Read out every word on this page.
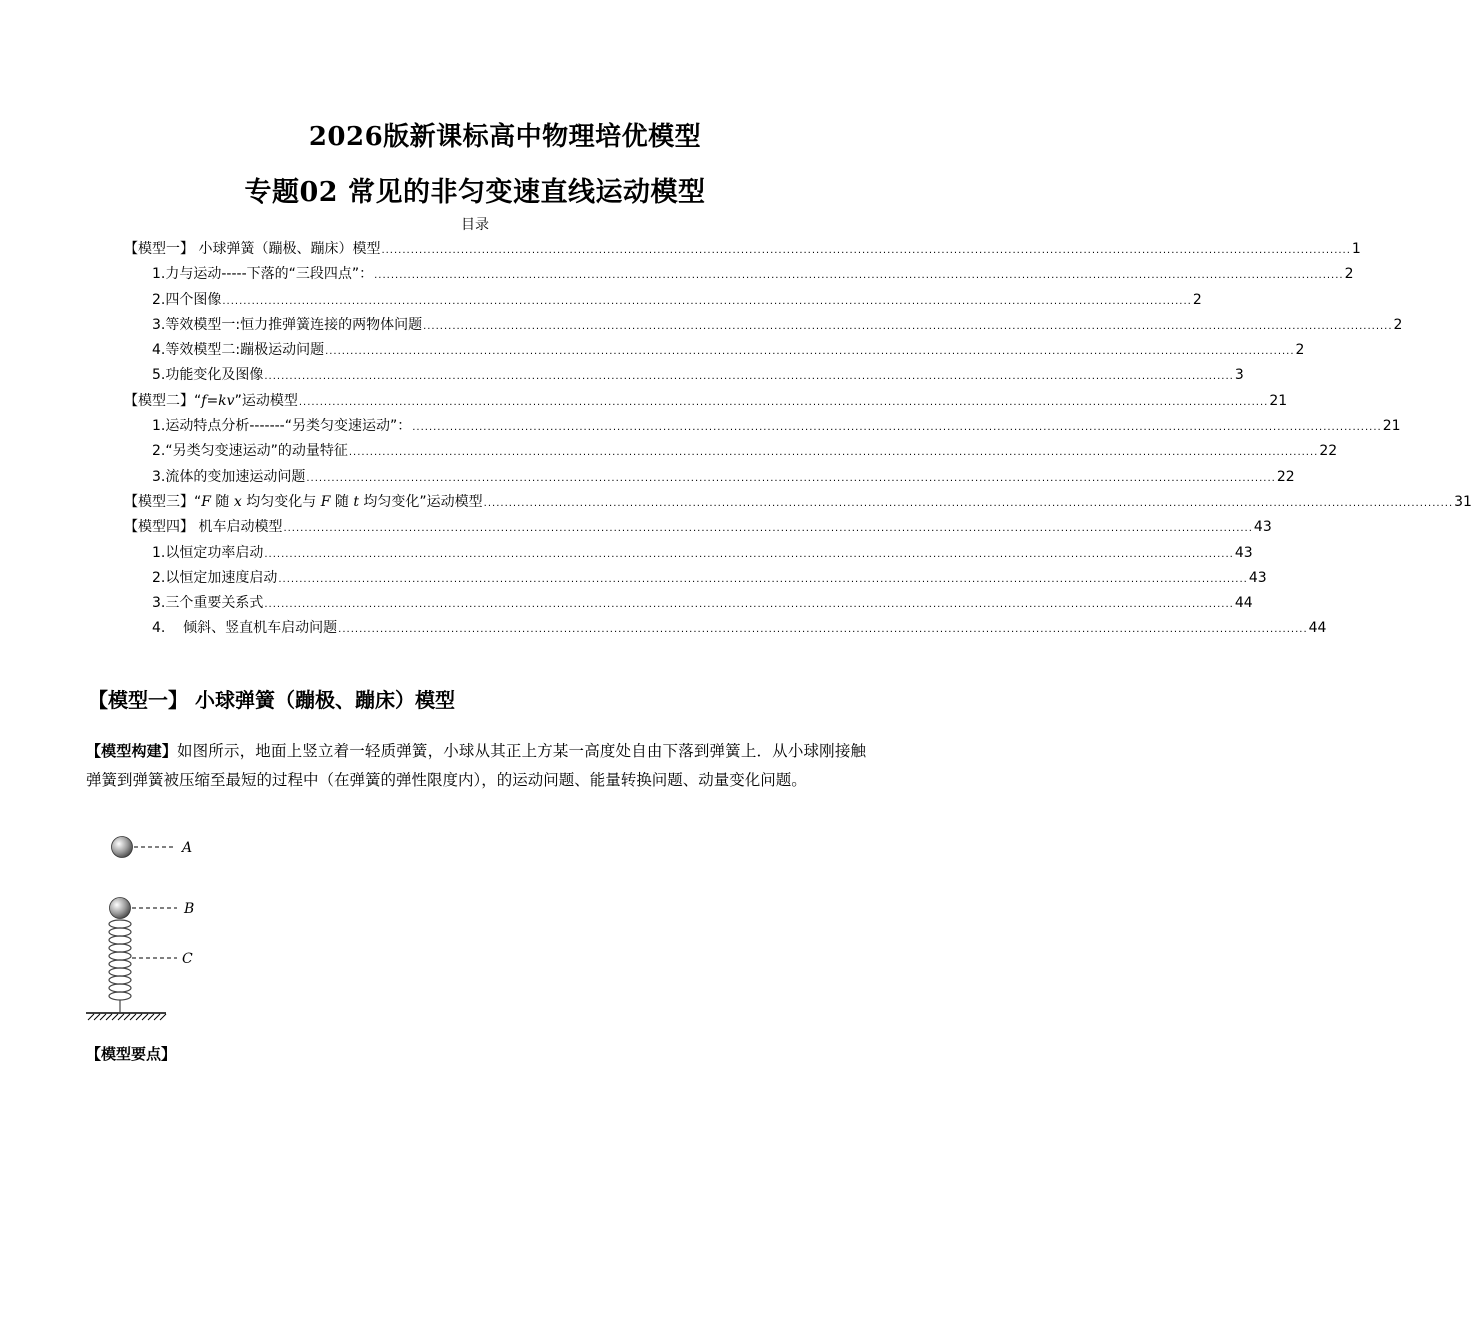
2026版新课标高中物理培优模型
专题02 常见的非匀变速直线运动模型
目录
【模型一】 小球弹簧（蹦极、蹦床）模型 ........................................................................................................................................................................................................................................ 1
1.力与运动-----下落的“三段四点”： ........................................................................................................................................................................................................................................ 2
2.四个图像 ........................................................................................................................................................................................................................................ 2
3.等效模型一:恒力推弹簧连接的两物体问题 ........................................................................................................................................................................................................................................ 2
4.等效模型二:蹦极运动问题 ........................................................................................................................................................................................................................................ 2
5.功能变化及图像 ........................................................................................................................................................................................................................................ 3
【模型二】“f=kv”运动模型 ........................................................................................................................................................................................................................................ 21
1.运动特点分析-------“另类匀变速运动”： ........................................................................................................................................................................................................................................ 21
2.“另类匀变速运动”的动量特征 ........................................................................................................................................................................................................................................ 22
3.流体的变加速运动问题 ........................................................................................................................................................................................................................................ 22
【模型三】“F 随 x 均匀变化与 F 随 t 均匀变化”运动模型 ........................................................................................................................................................................................................................................ 31
【模型四】 机车启动模型 ........................................................................................................................................................................................................................................ 43
1.以恒定功率启动 ........................................................................................................................................................................................................................................ 43
2.以恒定加速度启动 ........................................................................................................................................................................................................................................ 43
3.三个重要关系式 ........................................................................................................................................................................................................................................ 44
4.    倾斜、竖直机车启动问题 ........................................................................................................................................................................................................................................ 44
【模型一】 小球弹簧（蹦极、蹦床）模型
【模型构建】如图所示，地面上竖立着一轻质弹簧，小球从其正上方某一高度处自由下落到弹簧上．从小球刚接触弹簧到弹簧被压缩至最短的过程中（在弹簧的弹性限度内），的运动问题、能量转换问题、动量变化问题。
A
B
C
【模型要点】
